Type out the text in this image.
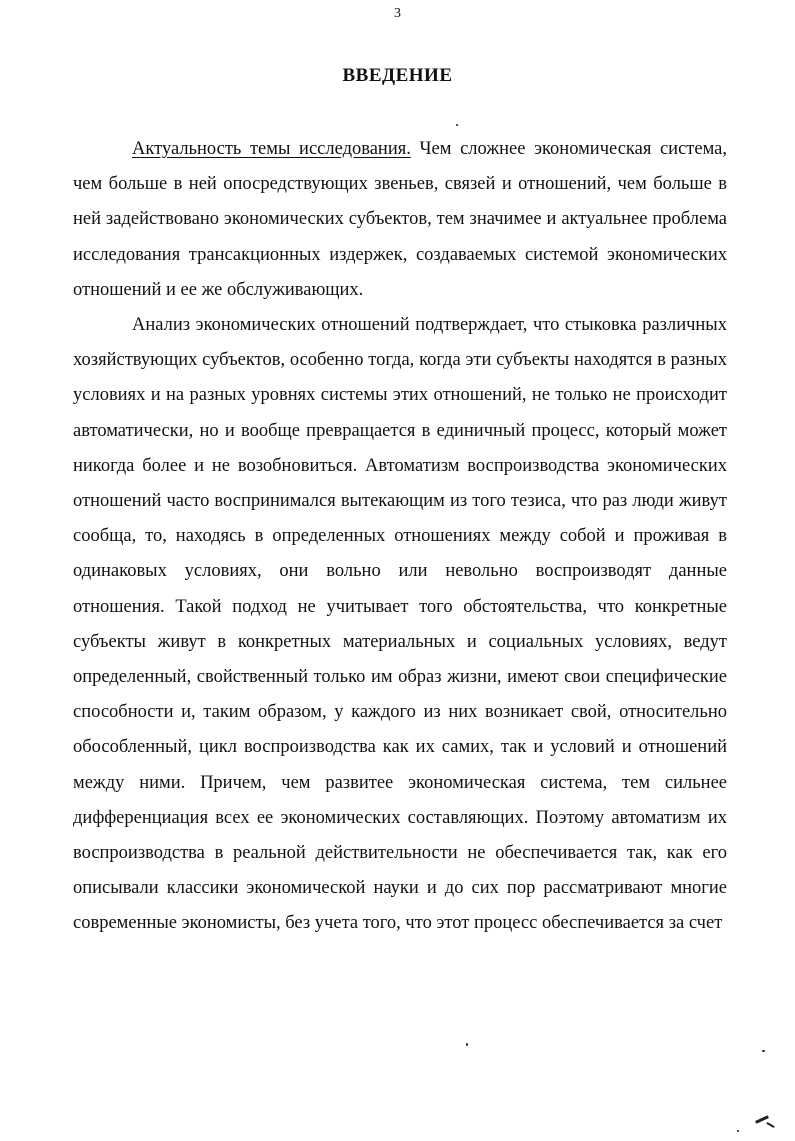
3
ВВЕДЕНИЕ

Актуальность темы исследования. Чем сложнее экономическая система, чем больше в ней опосредствующих звеньев, связей и отношений, чем больше в ней задействовано экономических субъектов, тем значимее и актуальнее проблема исследования трансакционных издержек, создаваемых системой экономических отношений и ее же обслуживающих.

Анализ экономических отношений подтверждает, что стыковка различных хозяйствующих субъектов, особенно тогда, когда эти субъекты находятся в разных условиях и на разных уровнях системы этих отношений, не только не происходит автоматически, но и вообще превращается в единичный процесс, который может никогда более и не возобновиться. Автоматизм воспроизводства экономических отношений часто воспринимался вытекающим из того тезиса, что раз люди живут сообща, то, находясь в определенных отношениях между собой и проживая в одинаковых условиях, они вольно или невольно воспроизводят данные отношения. Такой подход не учитывает того обстоятельства, что конкретные субъекты живут в конкретных материальных и социальных условиях, ведут определенный, свойственный только им образ жизни, имеют свои специфические способности и, таким образом, у каждого из них возникает свой, относительно обособленный, цикл воспроизводства как их самих, так и условий и отношений между ними. Причем, чем развитее экономическая система, тем сильнее дифференциация всех ее экономических составляющих. Поэтому автоматизм их воспроизводства в реальной действительности не обеспечивается так, как его описывали классики экономической науки и до сих пор рассматривают многие современные экономисты, без учета того, что этот процесс обеспечивается за счет
